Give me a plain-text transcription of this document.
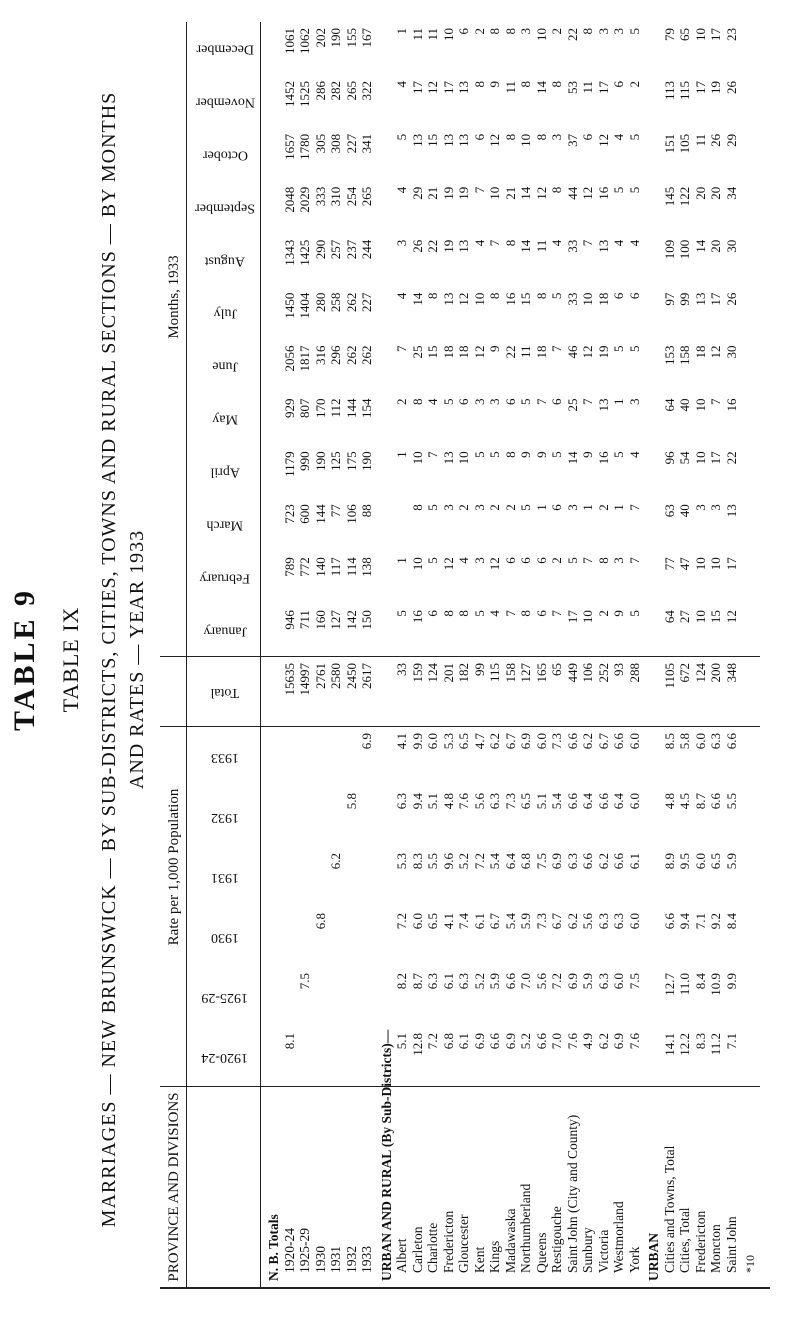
TABLE 9 TABLE IX MARRIAGES — NEW BRUNSWICK — BY SUB-DISTRICTS, CITIES, TOWNS AND RURAL SECTIONS — BY MONTHS AND RATES — YEAR 1933
PROVINCE AND DIVISIONS
Rate per 1,000 Population
Months, 1933
1920-24
1925-29
1930
1931
1932
1933
Total
January
February
March
April
May
June
July
August
September
October
November
December
N. B. Totals 1920-24
8.1
15635
946
789
723
1179
929
2056
1450
1343
2048
1657
1452
1061
1925-29
7.5
14997
711
772
600
990
807
1817
1404
1425
2029
1780
1525
1062
1930
6.8
2761
160
140
144
190
170
316
280
290
333
305
286
202
1931
6.2
2580
127
117
77
125
112
296
258
257
310
308
282
190
1932
5.8
2450
142
114
106
175
144
262
262
237
254
227
265
155
1933
6.9
2617
150
138
88
190
154
262
227
244
265
341
322
167
URBAN AND RURAL (By Sub-Districts)— Albert
5.1
8.2
7.2
5.3
6.3
4.1
33
5
1
1
2
7
4
3
4
5
4
1
Carleton
12.8
8.7
6.0
8.3
9.4
9.9
159
16
10
8
10
8
25
14
26
29
13
17
11
Charlotte
7.2
6.3
6.5
5.5
5.1
6.0
124
6
5
5
7
4
15
8
22
21
15
12
11
Fredericton
6.8
6.1
4.1
9.6
4.8
5.3
201
8
12
3
13
5
18
13
19
19
13
17
10
Gloucester
6.1
6.3
7.4
5.2
7.6
6.5
182
8
4
2
10
6
18
12
13
19
13
13
6
Kent
6.9
5.2
6.1
7.2
5.6
4.7
99
5
3
3
5
3
12
10
4
7
6
8
2
Kings
6.6
5.9
6.7
5.4
6.3
6.2
115
4
12
2
5
3
9
8
7
10
12
9
8
Madawaska
6.9
6.6
5.4
6.4
7.3
6.7
158
7
6
2
8
6
22
16
8
21
8
11
8
Northumberland
5.2
7.0
5.9
6.8
6.5
6.9
127
8
6
5
9
5
11
15
14
14
10
8
3
Queens
6.6
5.6
7.3
7.5
5.1
6.0
165
6
6
1
9
7
18
8
11
12
8
14
10
Restigouche
7.0
7.2
6.7
6.9
5.4
7.3
65
7
2
6
5
6
7
5
4
8
3
8
2
Saint John (City and County)
7.6
6.9
6.2
6.3
6.6
6.6
449
17
5
3
14
25
46
33
33
44
37
53
22
Sunbury
4.9
5.9
5.6
6.6
6.4
6.2
106
10
7
1
9
7
12
10
7
12
6
11
8
Victoria
6.2
6.3
6.3
6.2
6.6
6.7
252
2
8
2
16
13
19
18
13
16
12
17
3
Westmorland
6.9
6.0
6.3
6.6
6.4
6.6
93
9
3
1
5
1
5
6
4
5
4
6
3
York
7.6
7.5
6.0
6.1
6.0
6.0
288
5
7
7
4
3
5
6
4
5
5
2
5
URBAN Cities and Towns, Total
14.1
12.7
6.6
8.9
4.8
8.5
1105
64
77
63
96
64
153
97
109
145
151
113
79
Cities, Total
12.2
11.0
9.4
9.5
4.5
5.8
672
27
47
40
54
40
158
99
100
122
105
115
65
Fredericton
8.3
8.4
7.1
6.0
8.7
6.0
124
10
10
3
10
10
18
13
14
20
11
17
10
Moncton
11.2
10.9
9.2
6.5
6.6
6.3
200
15
10
3
17
7
12
17
20
20
26
19
17
Saint John
7.1
9.9
8.4
5.9
5.5
6.6
348
12
17
13
22
16
30
26
30
34
29
26
23
*10
